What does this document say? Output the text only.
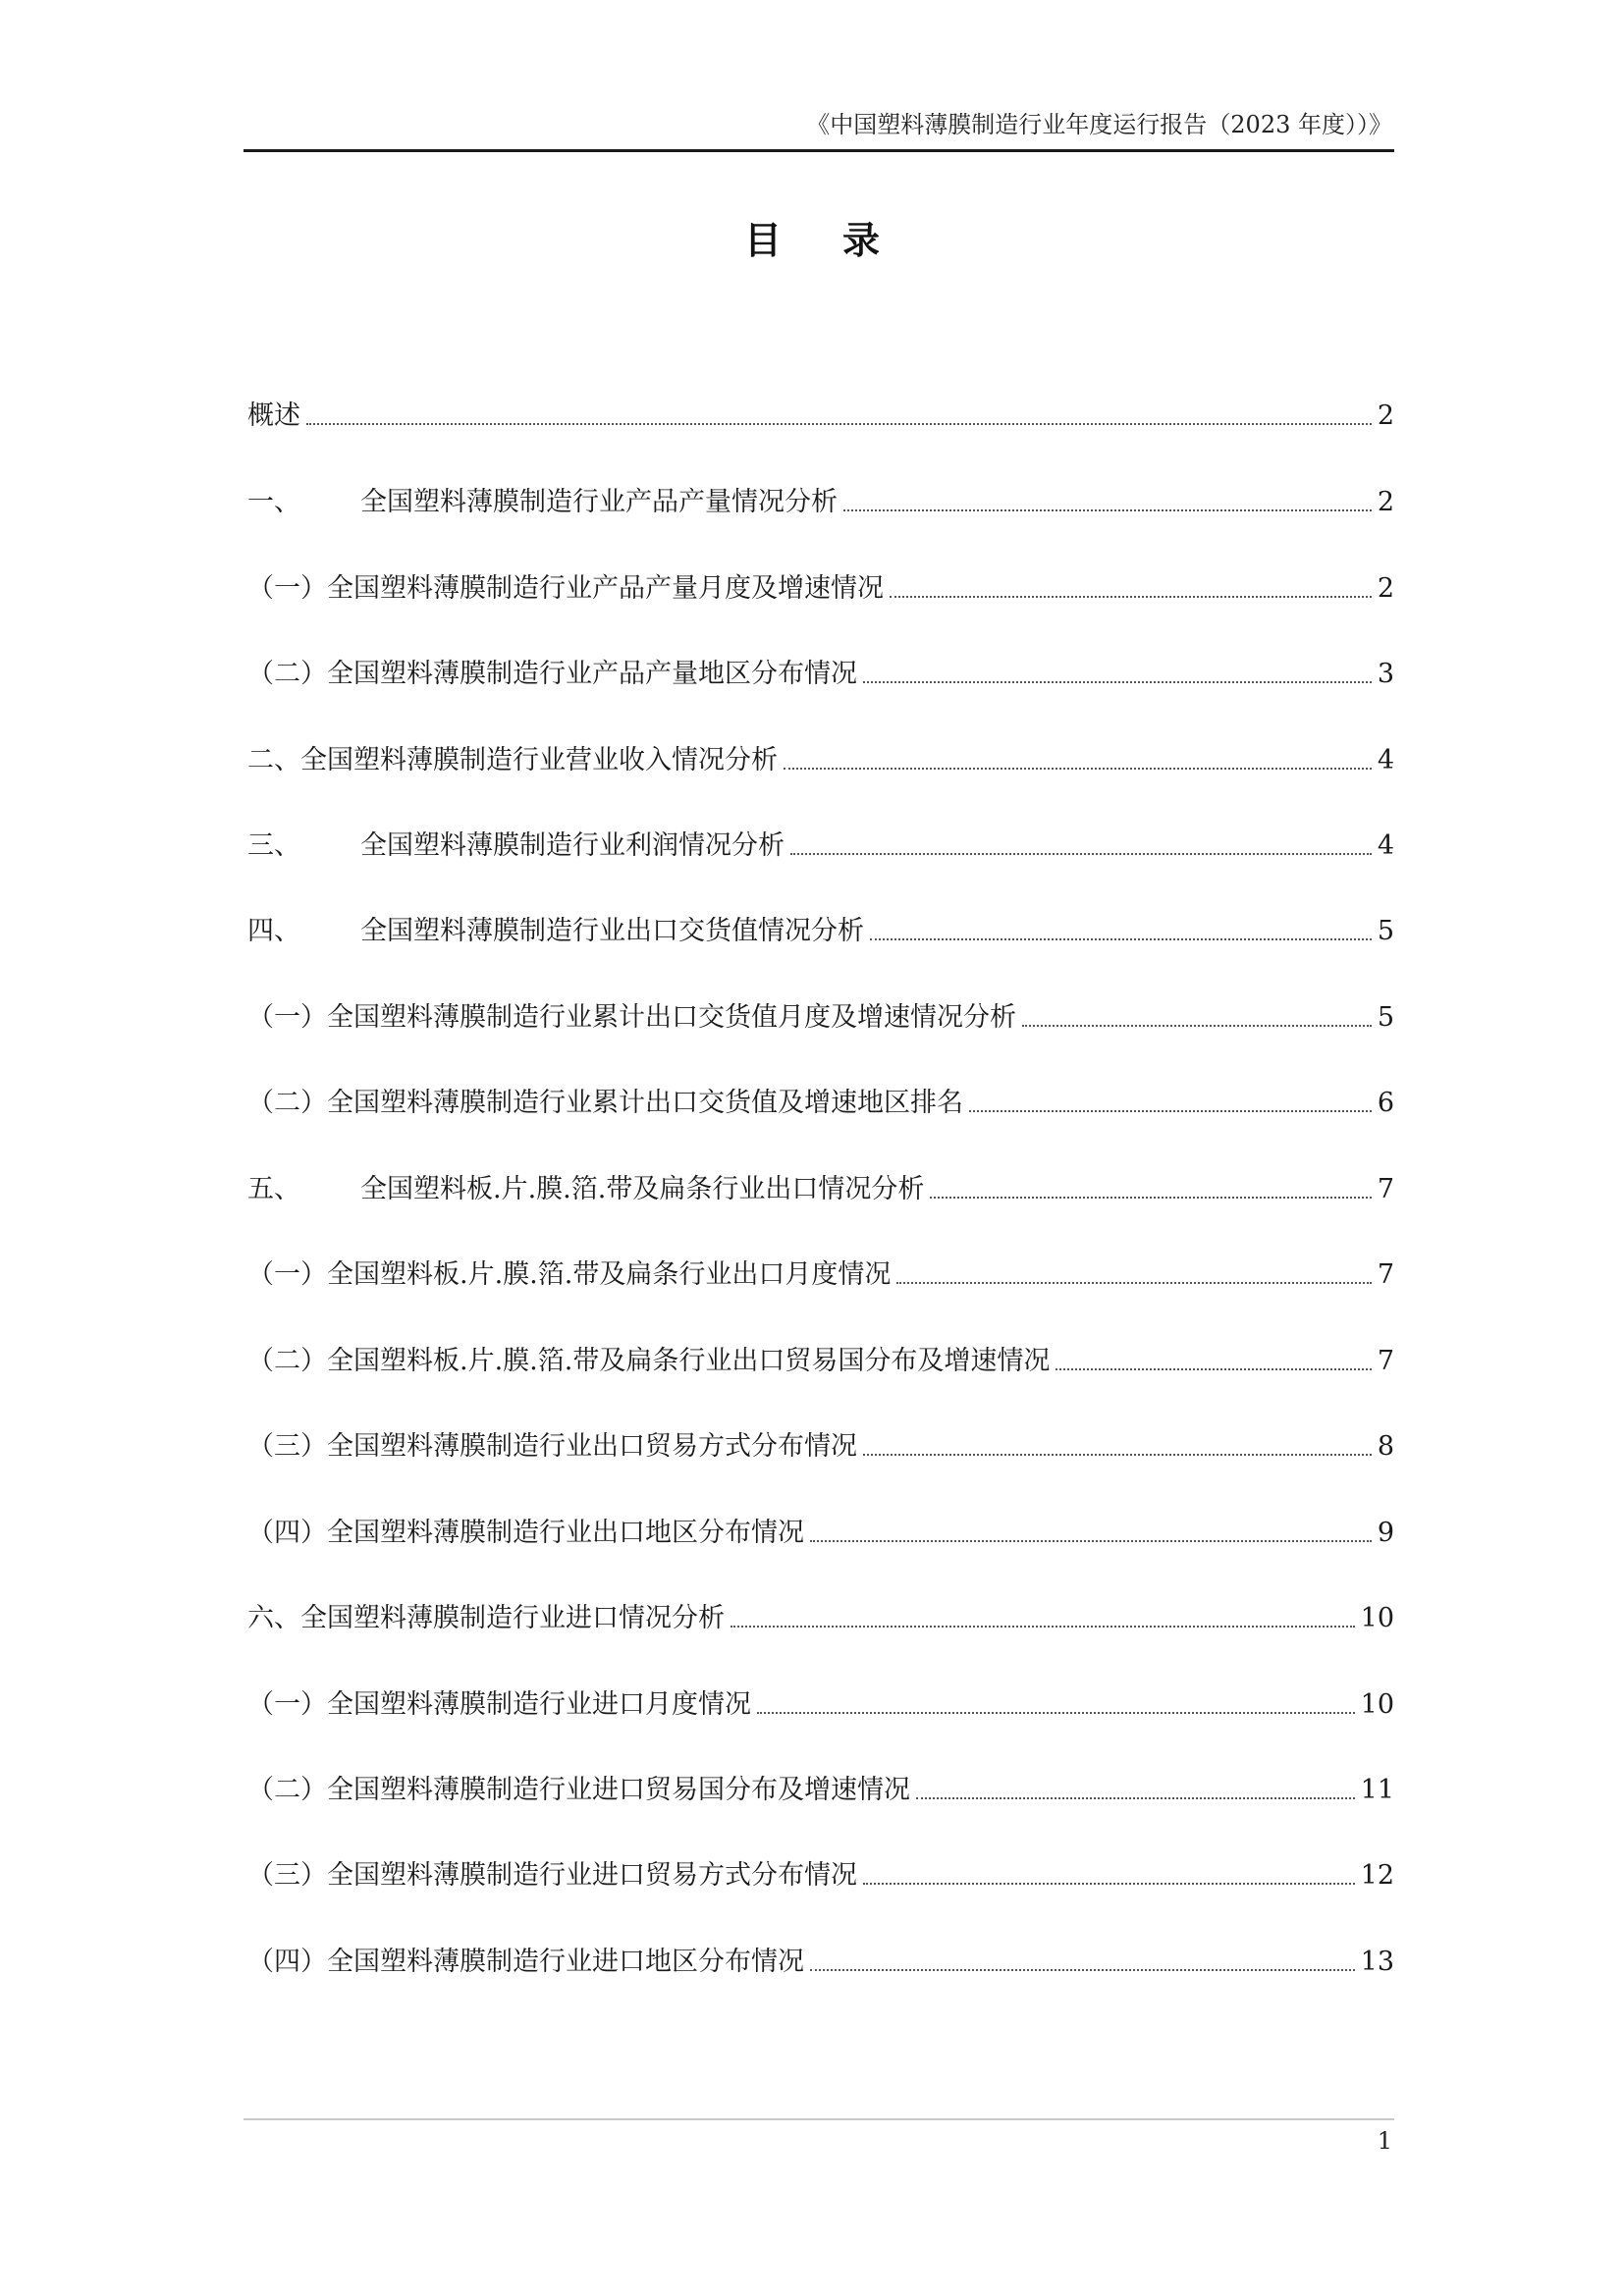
《中国塑料薄膜制造行业年度运行报告（2023 年度））》
目 录
概述	2
一、 全国塑料薄膜制造行业产品产量情况分析	2
（一）全国塑料薄膜制造行业产品产量月度及增速情况	2
（二）全国塑料薄膜制造行业产品产量地区分布情况	3
二、全国塑料薄膜制造行业营业收入情况分析	4
三、 全国塑料薄膜制造行业利润情况分析	4
四、 全国塑料薄膜制造行业出口交货值情况分析	5
（一）全国塑料薄膜制造行业累计出口交货值月度及增速情况分析	5
（二）全国塑料薄膜制造行业累计出口交货值及增速地区排名	6
五、 全国塑料板.片.膜.箔.带及扁条行业出口情况分析	7
（一）全国塑料板.片.膜.箔.带及扁条行业出口月度情况	7
（二）全国塑料板.片.膜.箔.带及扁条行业出口贸易国分布及增速情况	7
（三）全国塑料薄膜制造行业出口贸易方式分布情况	8
（四）全国塑料薄膜制造行业出口地区分布情况	9
六、全国塑料薄膜制造行业进口情况分析	10
（一）全国塑料薄膜制造行业进口月度情况	10
（二）全国塑料薄膜制造行业进口贸易国分布及增速情况	11
（三）全国塑料薄膜制造行业进口贸易方式分布情况	12
（四）全国塑料薄膜制造行业进口地区分布情况	13
1
